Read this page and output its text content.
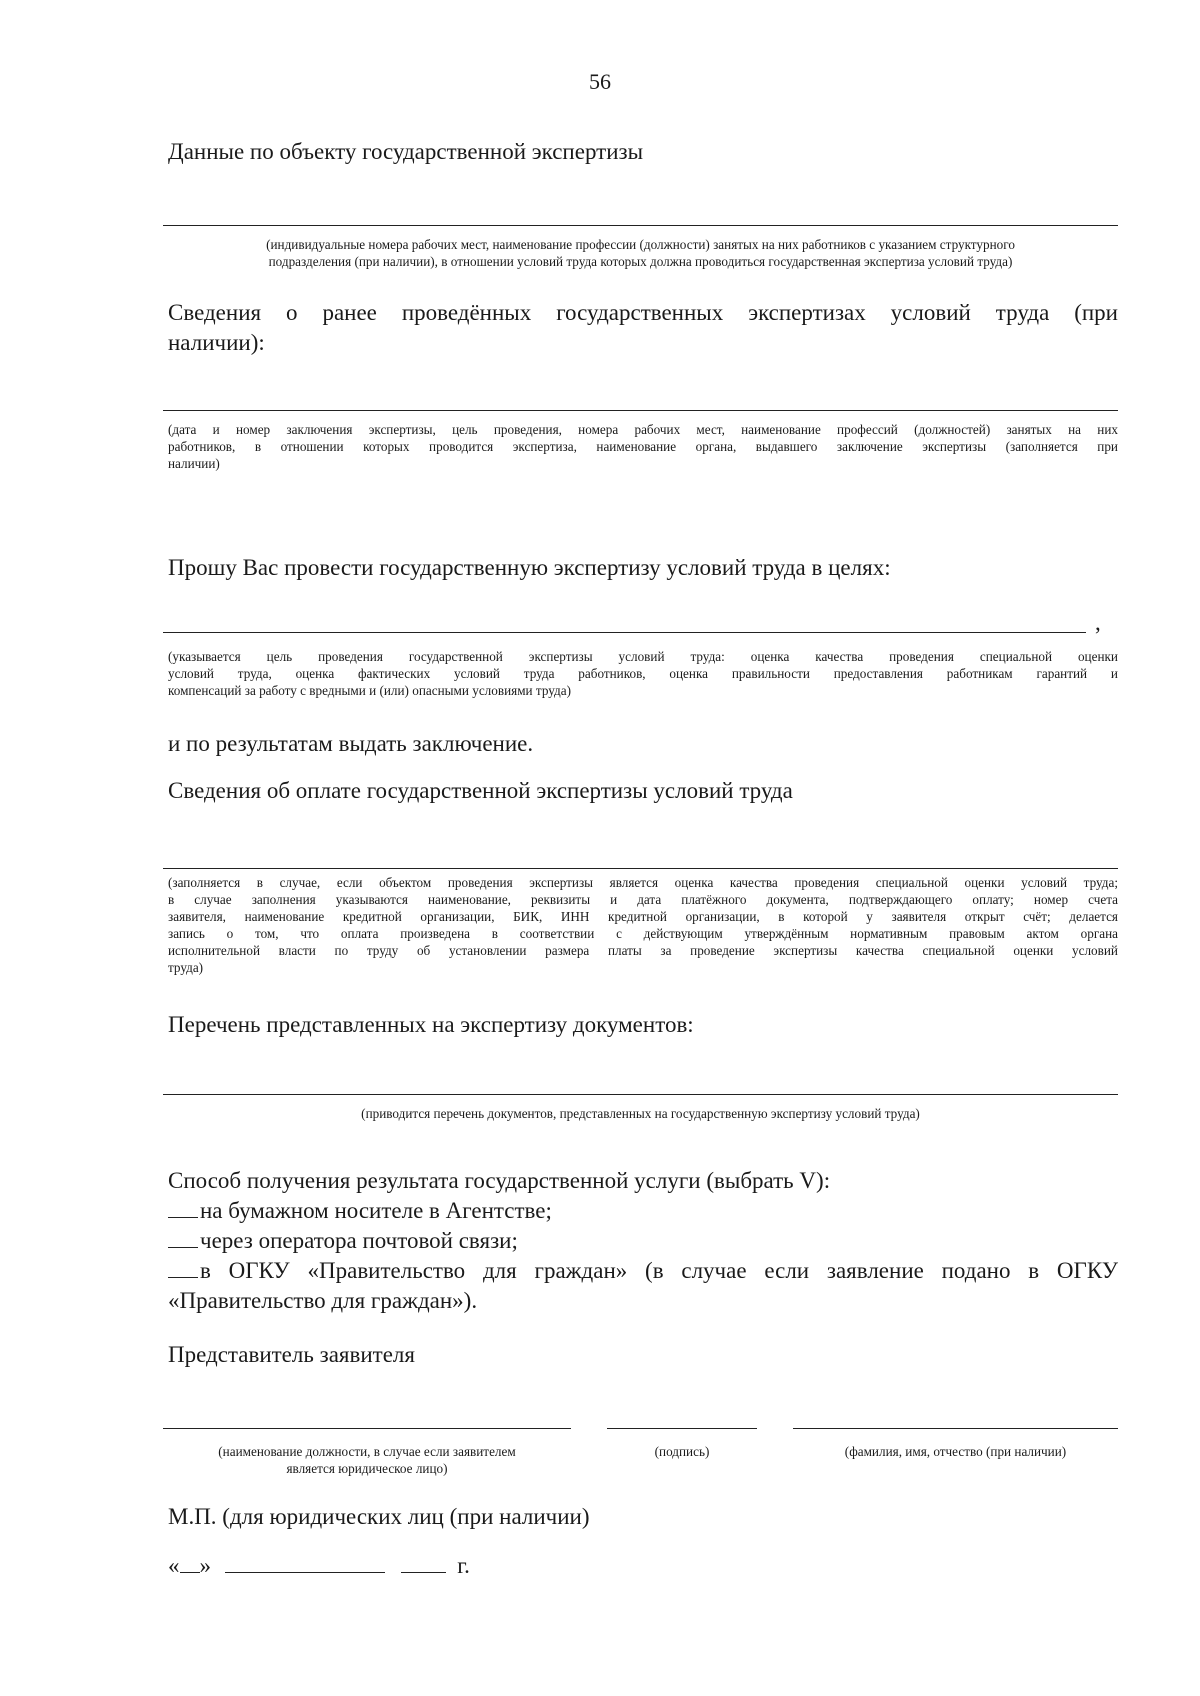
56
Данные по объекту государственной экспертизы
(индивидуальные номера рабочих мест, наименование профессии (должности) занятых на них работников с указанием структурного
подразделения (при наличии), в отношении условий труда которых должна проводиться государственная экспертиза условий труда)
Сведения о ранее проведённых государственных экспертизах условий труда (при
наличии):
(дата и номер заключения экспертизы, цель проведения, номера рабочих мест, наименование профессий (должностей) занятых на них
работников, в отношении которых проводится экспертиза, наименование органа, выдавшего заключение экспертизы (заполняется при
наличии)
Прошу Вас провести государственную экспертизу условий труда в целях:
,
(указывается цель проведения государственной экспертизы условий труда: оценка качества проведения специальной оценки
условий труда, оценка фактических условий труда работников, оценка правильности предоставления работникам гарантий и
компенсаций за работу с вредными и (или) опасными условиями труда)
и по результатам выдать заключение.
Сведения об оплате государственной экспертизы условий труда
(заполняется в случае, если объектом проведения экспертизы является оценка качества проведения специальной оценки условий труда;
в случае заполнения указываются наименование, реквизиты и дата платёжного документа, подтверждающего оплату; номер счета
заявителя, наименование кредитной организации, БИК, ИНН кредитной организации, в которой у заявителя открыт счёт; делается
запись о том, что оплата произведена в соответствии с действующим утверждённым нормативным правовым актом органа
исполнительной власти по труду об установлении размера платы за проведение экспертизы качества специальной оценки условий
труда)
Перечень представленных на экспертизу документов:
(приводится перечень документов, представленных на государственную экспертизу условий труда)
Способ получения результата государственной услуги (выбрать V):
на бумажном носителе в Агентстве;
через оператора почтовой связи;
в ОГКУ «Правительство для граждан» (в случае если заявление подано в ОГКУ
«Правительство для граждан»).
Представитель заявителя
(наименование должности, в случае если заявителем
является юридическое лицо)
(подпись)	(фамилия, имя, отчество (при наличии)
М.П. (для юридических лиц (при наличии)
« »	г.
